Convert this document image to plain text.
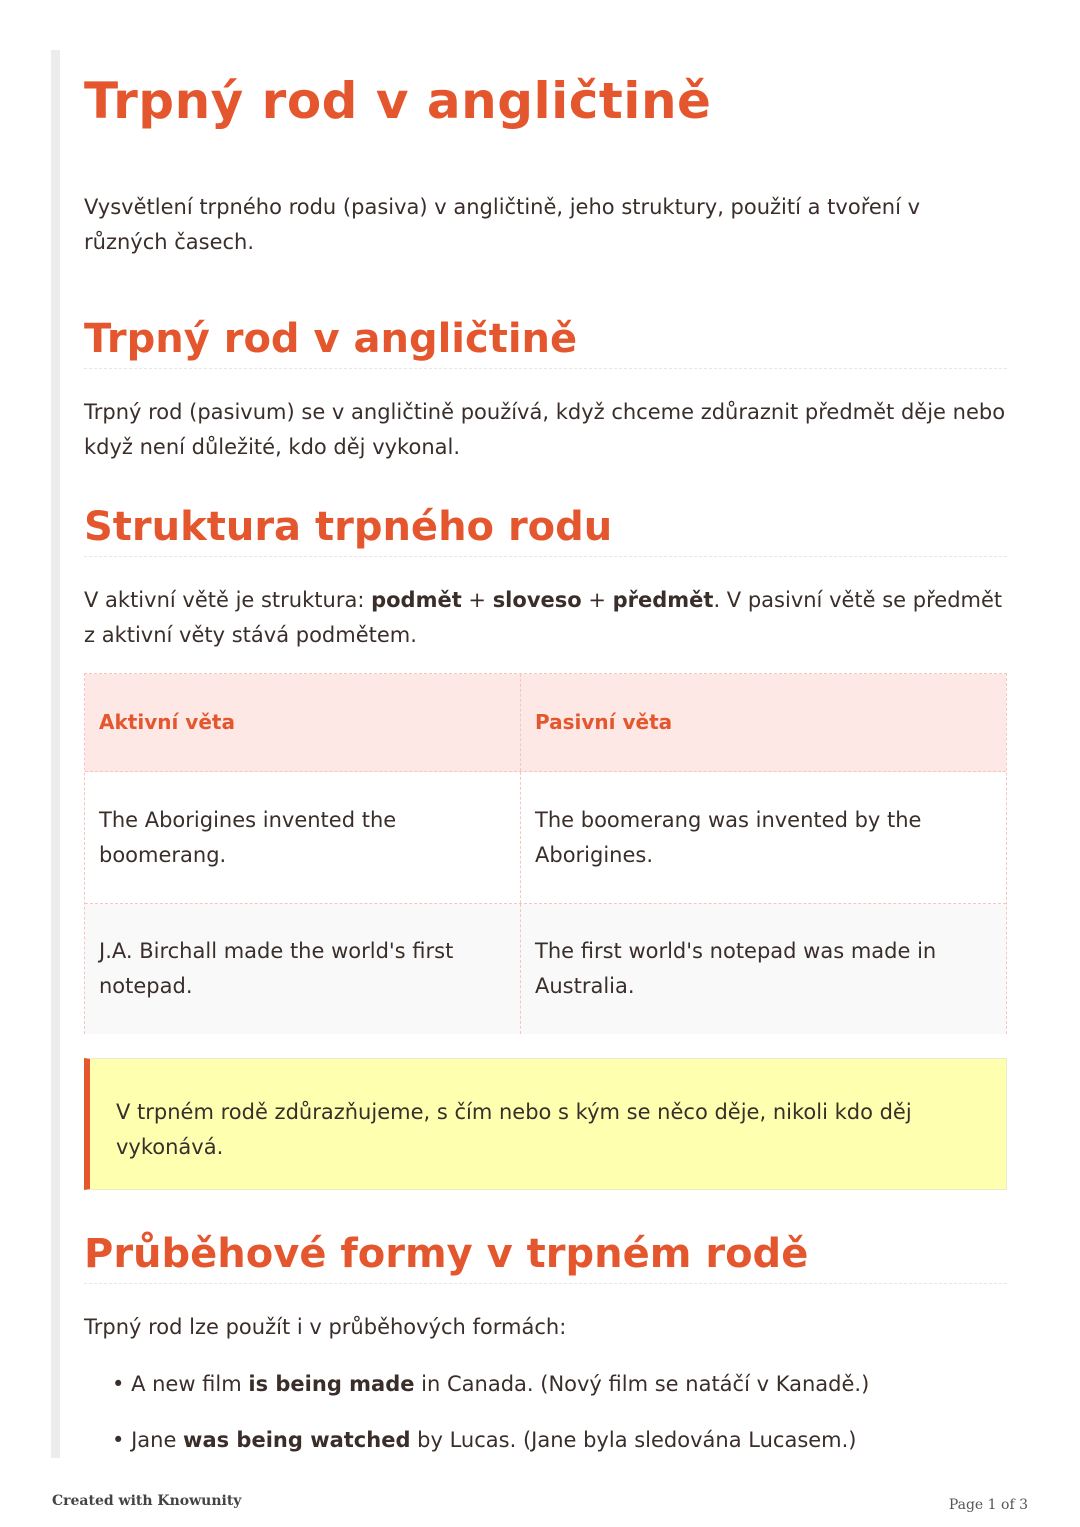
Trpný rod v angličtině

Vysvětlení trpného rodu (pasiva) v angličtině, jeho struktury, použití a tvoření v různých časech.

Trpný rod v angličtině

Trpný rod (pasivum) se v angličtině používá, když chceme zdůraznit předmět děje nebo když není důležité, kdo děj vykonal.

Struktura trpného rodu

V aktivní větě je struktura: podmět + sloveso + předmět. V pasivní větě se předmět z aktivní věty stává podmětem.

Aktivní věta	Pasivní věta
The Aborigines invented the boomerang.
The boomerang was invented by the Aborigines.
J.A. Birchall made the world's first notepad.
The first world's notepad was made in Australia.
V trpném rodě zdůrazňujeme, s čím nebo s kým se něco děje, nikoli kdo děj vykonává.
Průběhové formy v trpném rodě

Trpný rod lze použít i v průběhových formách:

• A new film is being made in Canada. (Nový film se natáčí v Kanadě.)
• Jane was being watched by Lucas. (Jane byla sledována Lucasem.)
Created with Knowunity	Page 1 of 3
